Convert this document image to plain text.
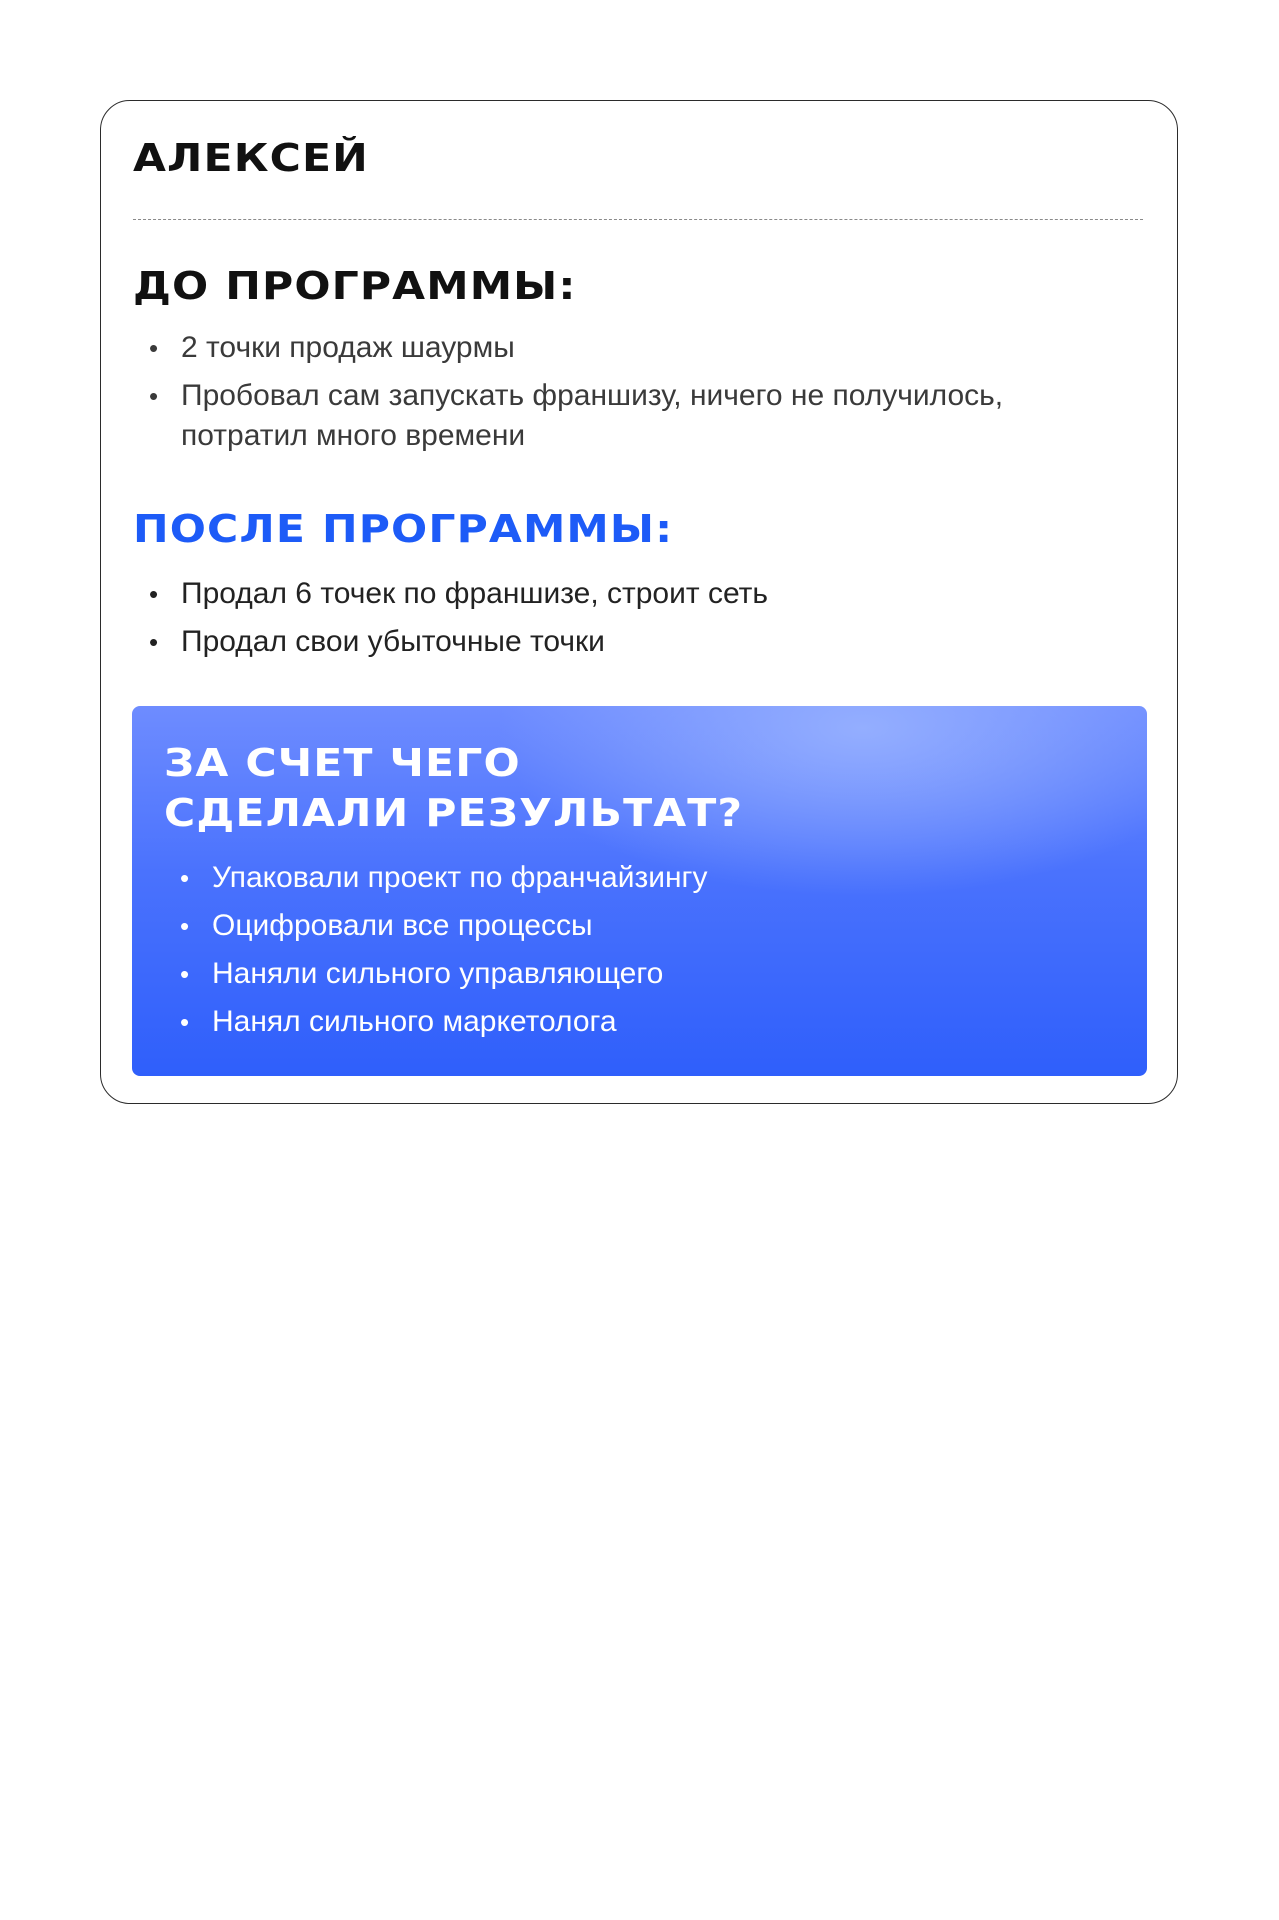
АЛЕКСЕЙ
ДО ПРОГРАММЫ:
• 2 точки продаж шаурмы
• Пробовал сам запускать франшизу, ничего не получилось, потратил много времени
ПОСЛЕ ПРОГРАММЫ:
• Продал 6 точек по франшизе, строит сеть
• Продал свои убыточные точки
ЗА СЧЕТ ЧЕГО
СДЕЛАЛИ РЕЗУЛЬТАТ?
• Упаковали проект по франчайзингу
• Оцифровали все процессы
• Наняли сильного управляющего
• Нанял сильного маркетолога
